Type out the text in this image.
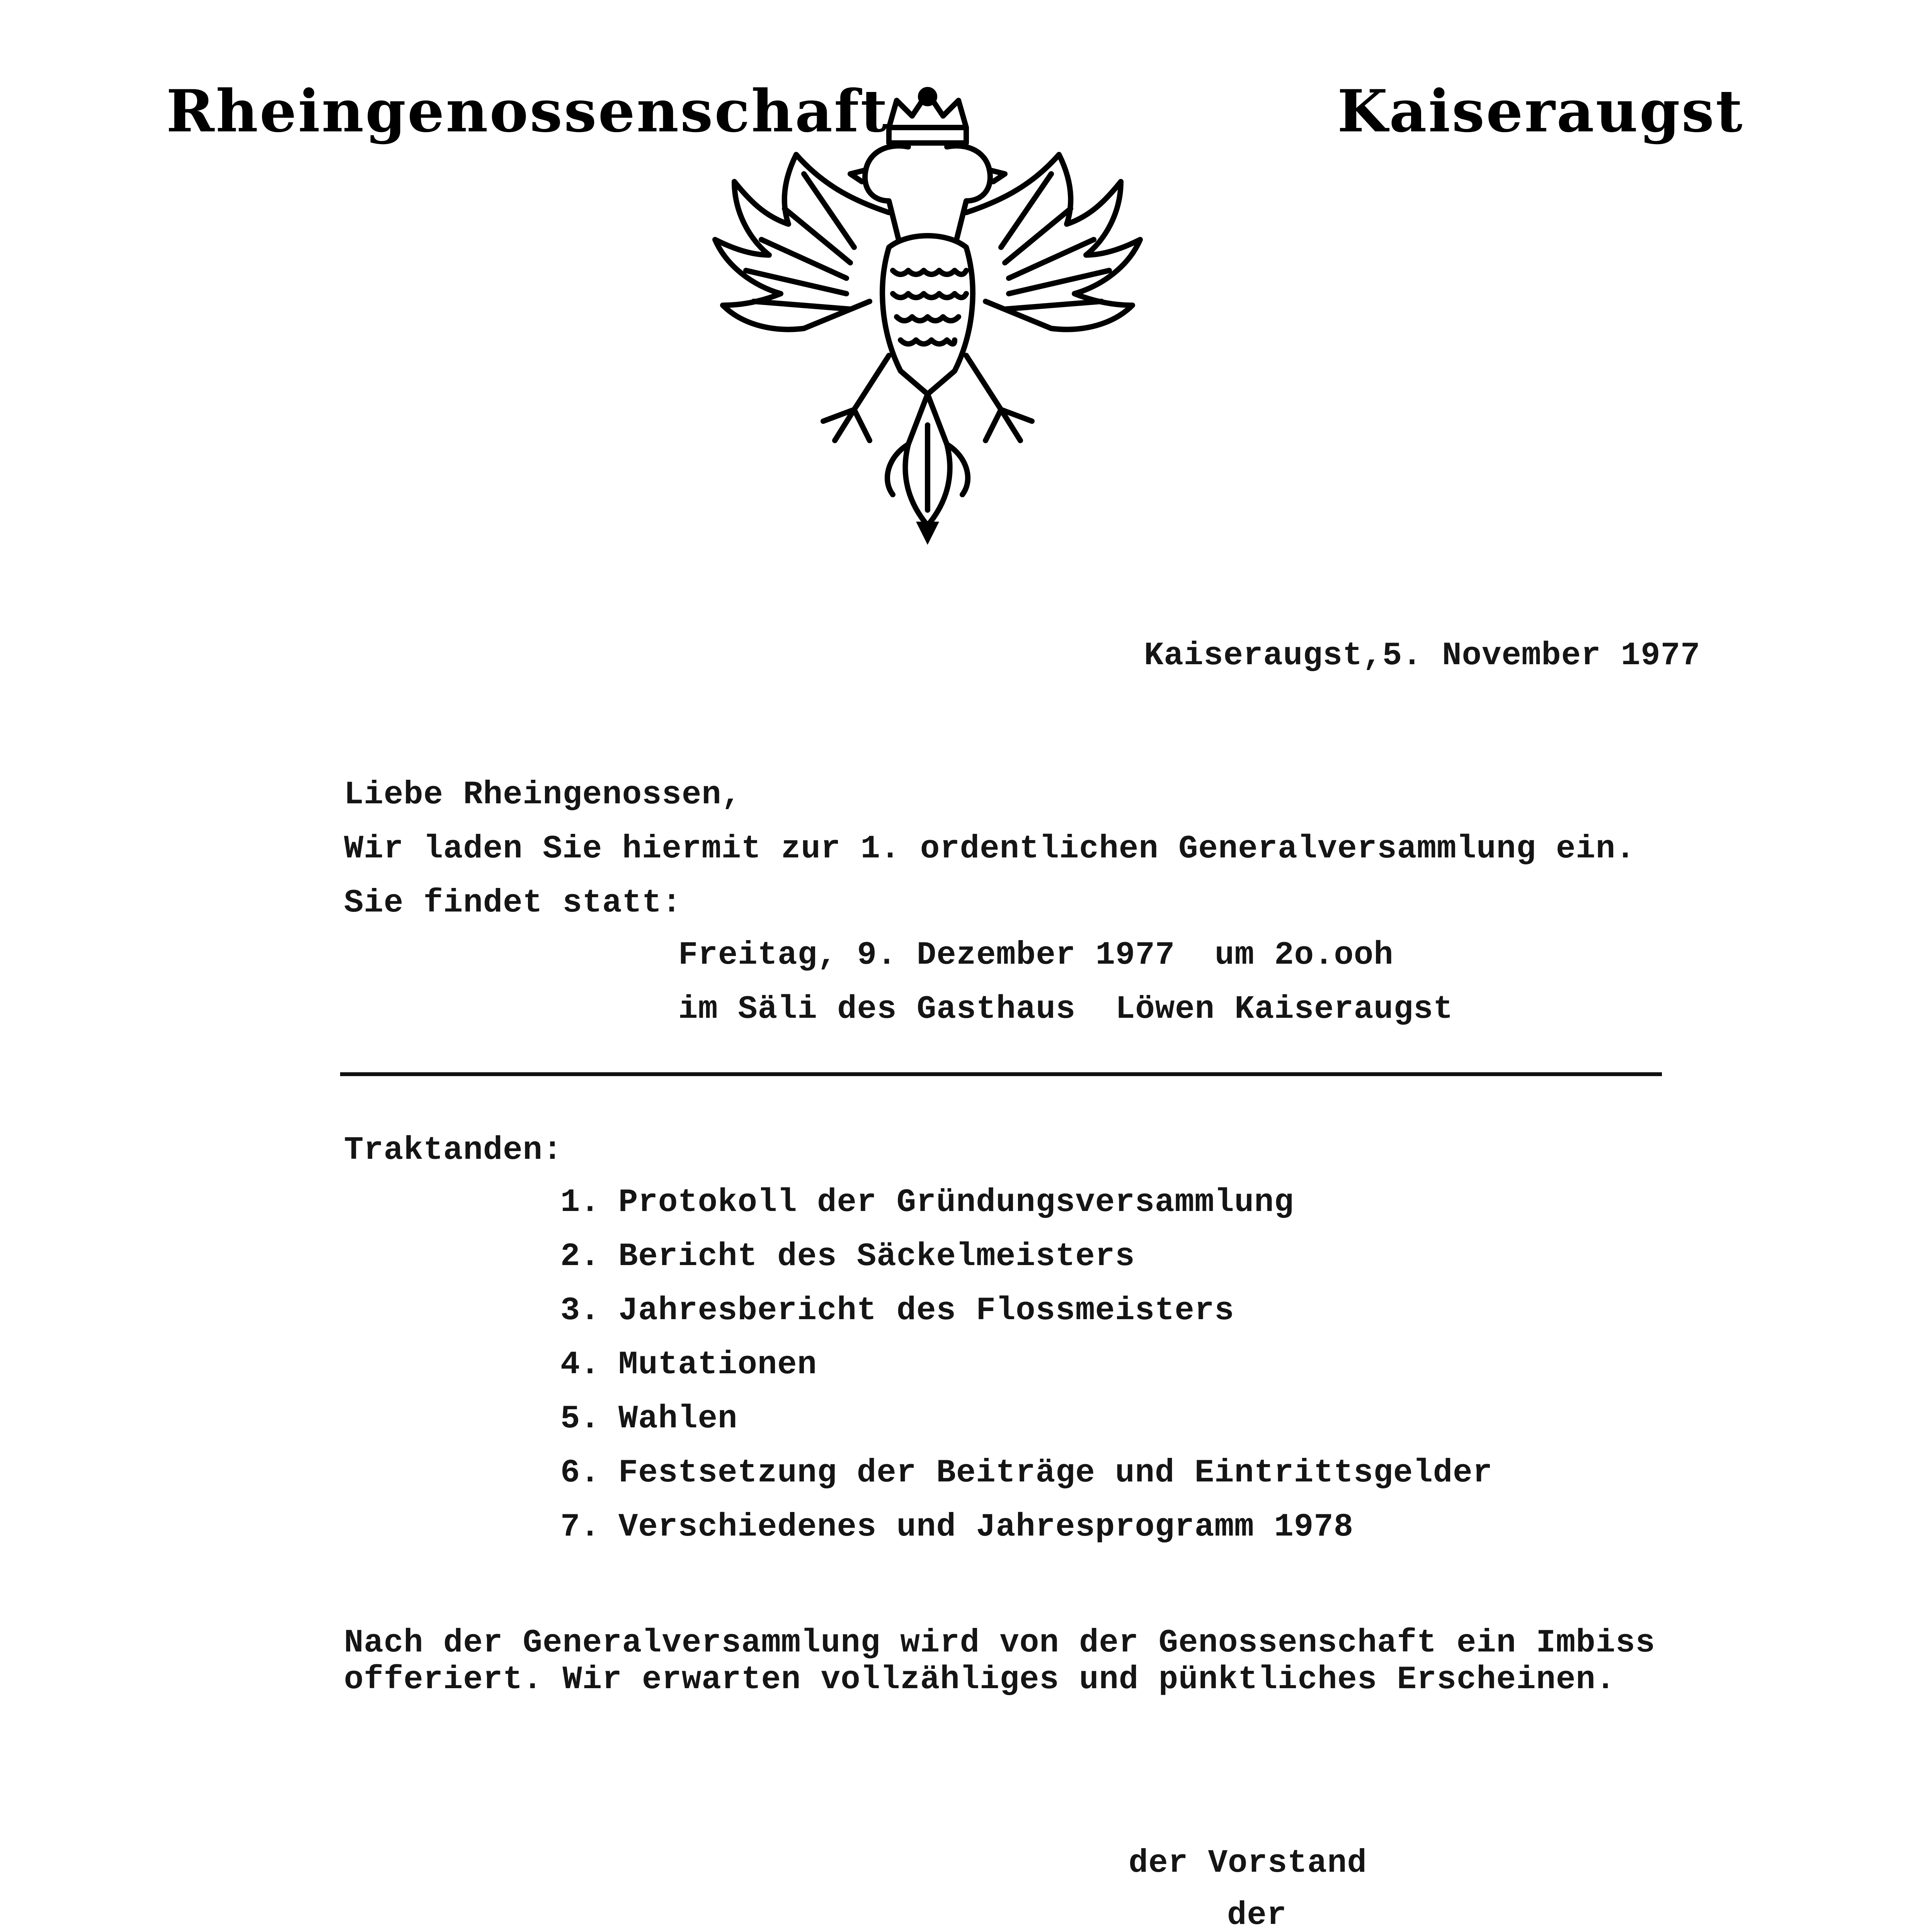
Rheingenossenschaft	Kaiseraugst
Kaiseraugst,5. November 1977
Liebe Rheingenossen,
Wir laden Sie hiermit zur 1. ordentlichen Generalversammlung ein.
Sie findet statt:
Freitag, 9. Dezember 1977  um 2o.ooh
im Säli des Gasthaus  Löwen Kaiseraugst
Traktanden:
1. Protokoll der Gründungsversammlung
2. Bericht des Säckelmeisters
3. Jahresbericht des Flossmeisters
4. Mutationen
5. Wahlen
6. Festsetzung der Beiträge und Eintrittsgelder
7. Verschiedenes und Jahresprogramm 1978
Nach der Generalversammlung wird von der Genossenschaft ein Imbiss
offeriert. Wir erwarten vollzähliges und pünktliches Erscheinen.
der Vorstand
der
